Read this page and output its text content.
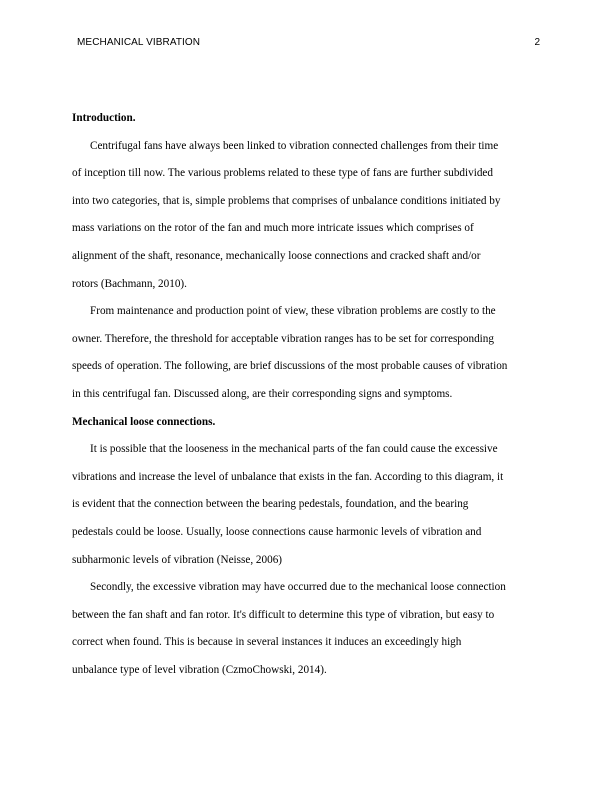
MECHANICAL VIBRATION	2
Introduction.
Centrifugal fans have always been linked to vibration connected challenges from their time
of inception till now. The various problems related to these type of fans are further subdivided
into two categories, that is, simple problems that comprises of unbalance conditions initiated by
mass variations on the rotor of the fan and much more intricate issues which comprises of
alignment of the shaft, resonance, mechanically loose connections and cracked shaft and/or
rotors (Bachmann, 2010).
From maintenance and production point of view, these vibration problems are costly to the
owner. Therefore, the threshold for acceptable vibration ranges has to be set for corresponding
speeds of operation. The following, are brief discussions of the most probable causes of vibration
in this centrifugal fan. Discussed along, are their corresponding signs and symptoms.
Mechanical loose connections.
It is possible that the looseness in the mechanical parts of the fan could cause the excessive
vibrations and increase the level of unbalance that exists in the fan. According to this diagram, it
is evident that the connection between the bearing pedestals, foundation, and the bearing
pedestals could be loose. Usually, loose connections cause harmonic levels of vibration and
subharmonic levels of vibration (Neisse, 2006)
Secondly, the excessive vibration may have occurred due to the mechanical loose connection
between the fan shaft and fan rotor. It's difficult to determine this type of vibration, but easy to
correct when found. This is because in several instances it induces an exceedingly high
unbalance type of level vibration (CzmoChowski, 2014).
